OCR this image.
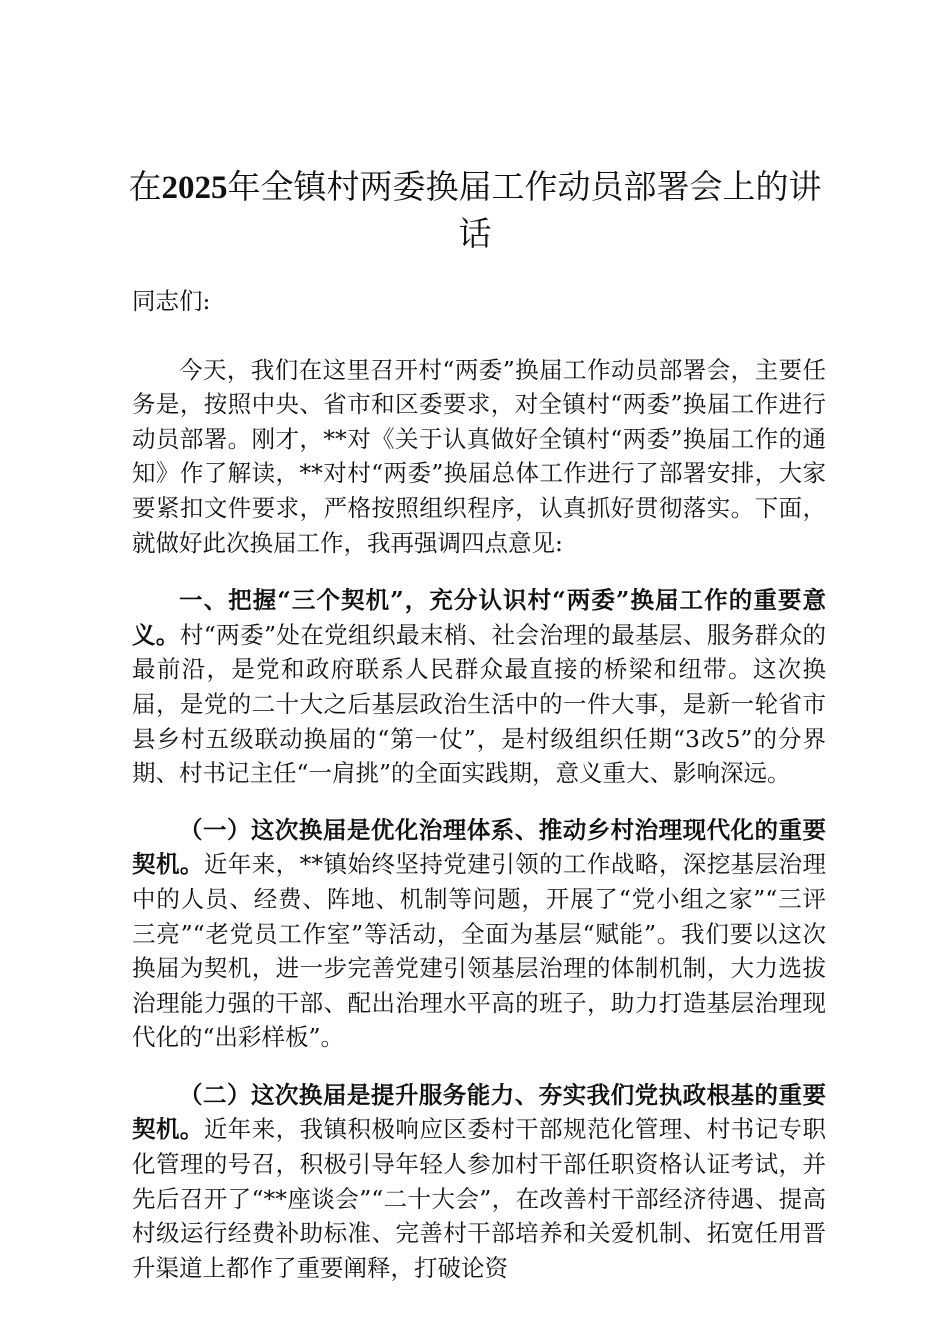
在2025年全镇村两委换届工作动员部署会上的讲话

同志们:

今天，我们在这里召开村“两委”换届工作动员部署会，主要任务是，按照中央、省市和区委要求，对全镇村“两委”换届工作进行动员部署。刚才，**对《关于认真做好全镇村“两委”换届工作的通知》作了解读，**对村“两委”换届总体工作进行了部署安排，大家要紧扣文件要求，严格按照组织程序，认真抓好贯彻落实。下面，就做好此次换届工作，我再强调四点意见:

一、把握“三个契机”，充分认识村“两委”换届工作的重要意义。村“两委”处在党组织最末梢、社会治理的最基层、服务群众的最前沿，是党和政府联系人民群众最直接的桥梁和纽带。这次换届，是党的二十大之后基层政治生活中的一件大事，是新一轮省市县乡村五级联动换届的“第一仗”，是村级组织任期“3改5”的分界期、村书记主任“一肩挑”的全面实践期，意义重大、影响深远。

（一）这次换届是优化治理体系、推动乡村治理现代化的重要契机。近年来，**镇始终坚持党建引领的工作战略，深挖基层治理中的人员、经费、阵地、机制等问题，开展了“党小组之家”“三评三亮”“老党员工作室”等活动，全面为基层“赋能”。我们要以这次换届为契机，进一步完善党建引领基层治理的体制机制，大力选拔治理能力强的干部、配出治理水平高的班子，助力打造基层治理现代化的“出彩样板”。

（二）这次换届是提升服务能力、夯实我们党执政根基的重要契机。近年来，我镇积极响应区委村干部规范化管理、村书记专职化管理的号召，积极引导年轻人参加村干部任职资格认证考试，并先后召开了“**座谈会”“二十大会”，在改善村干部经济待遇、提高村级运行经费补助标准、完善村干部培养和关爱机制、拓宽任用晋升渠道上都作了重要阐释，打破论资
